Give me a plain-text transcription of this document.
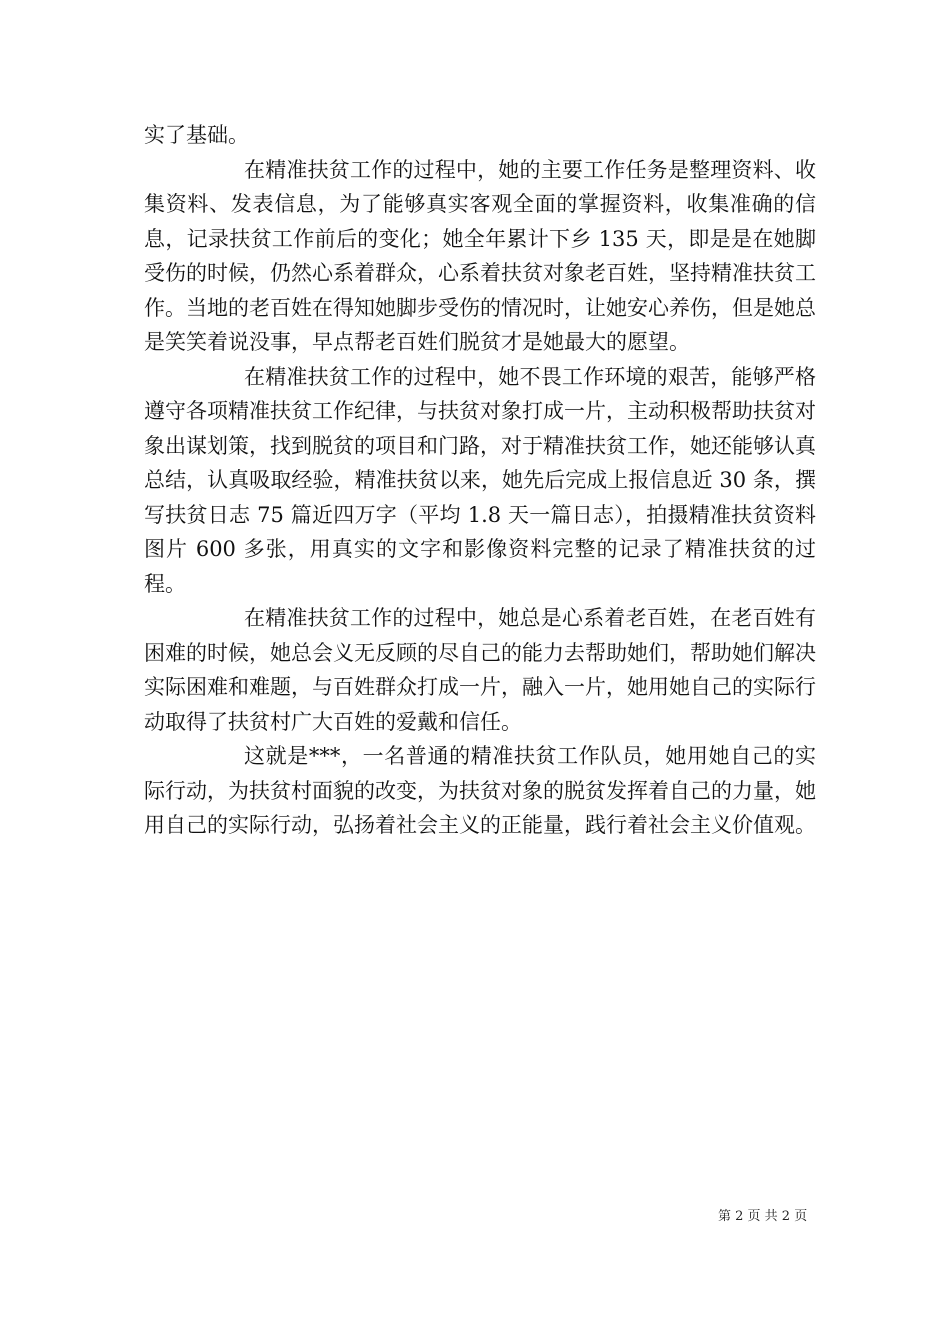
实了基础。

在精准扶贫工作的过程中，她的主要工作任务是整理资料、收集资料、发表信息，为了能够真实客观全面的掌握资料，收集准确的信息，记录扶贫工作前后的变化；她全年累计下乡 135 天，即是是在她脚受伤的时候，仍然心系着群众，心系着扶贫对象老百姓，坚持精准扶贫工作。当地的老百姓在得知她脚步受伤的情况时，让她安心养伤，但是她总是笑笑着说没事，早点帮老百姓们脱贫才是她最大的愿望。

在精准扶贫工作的过程中，她不畏工作环境的艰苦，能够严格遵守各项精准扶贫工作纪律，与扶贫对象打成一片，主动积极帮助扶贫对象出谋划策，找到脱贫的项目和门路，对于精准扶贫工作，她还能够认真总结，认真吸取经验，精准扶贫以来，她先后完成上报信息近 30 条，撰写扶贫日志 75 篇近四万字（平均 1.8 天一篇日志），拍摄精准扶贫资料图片 600 多张，用真实的文字和影像资料完整的记录了精准扶贫的过程。

在精准扶贫工作的过程中，她总是心系着老百姓，在老百姓有困难的时候，她总会义无反顾的尽自己的能力去帮助她们，帮助她们解决实际困难和难题，与百姓群众打成一片，融入一片，她用她自己的实际行动取得了扶贫村广大百姓的爱戴和信任。

这就是***，一名普通的精准扶贫工作队员，她用她自己的实际行动，为扶贫村面貌的改变，为扶贫对象的脱贫发挥着自己的力量，她用自己的实际行动，弘扬着社会主义的正能量，践行着社会主义价值观。

第 2 页 共 2 页
